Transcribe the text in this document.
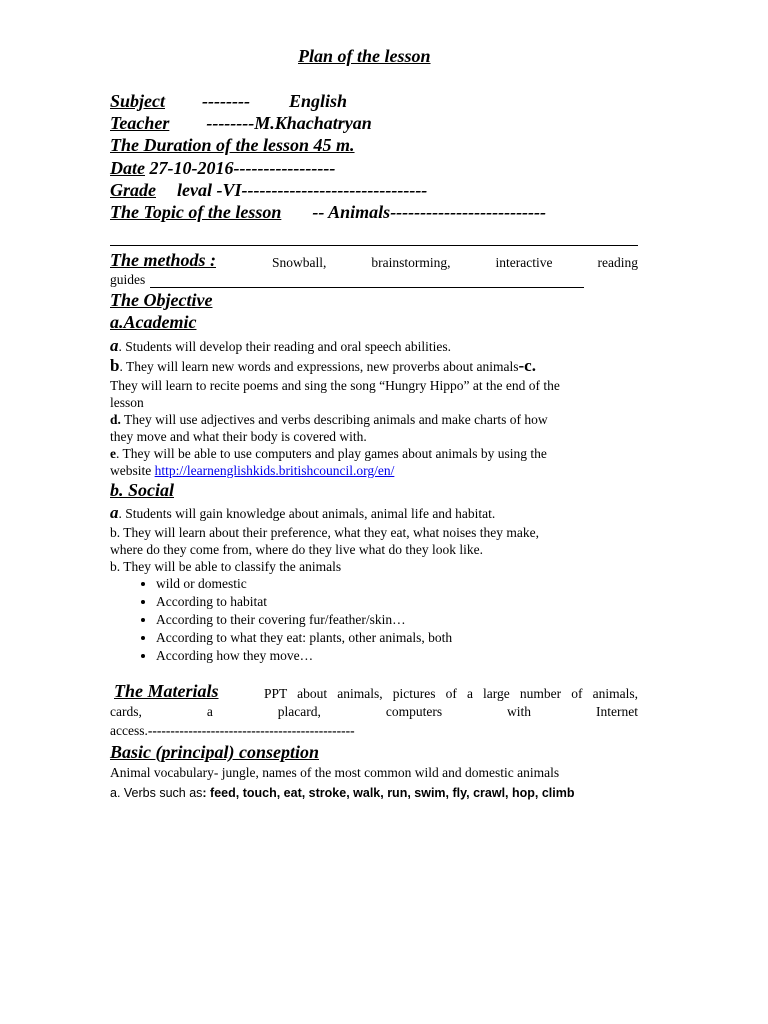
Plan of the lesson
Subject -------- English
Teacher --------M.Khachatryan
The Duration of the lesson 45 m.
Date 27-10-2016-----------------
Grade leval -VI-------------------------------
The Topic of the lesson -- Animals--------------------------
The methods :	Snowball, brainstorming, interactive reading
guides
The Objective
a.Academic
a. Students will develop their reading and oral speech abilities.
b. They will learn new words and expressions, new proverbs about animals-c.
They will learn to recite poems and sing the song “Hungry Hippo” at the end of the
lesson
d. They will use adjectives and verbs describing animals and make charts of how
they move and what their body is covered with.
e. They will be able to use computers and play games about animals by using the
website http://learnenglishkids.britishcouncil.org/en/
b. Social
a. Students will gain knowledge about animals, animal life and habitat.
b. They will learn about their preference, what they eat, what noises they make,
where do they come from, where do they live what do they look like.
b. They will be able to classify the animals
• wild or domestic
• According to habitat
• According to their covering fur/feather/skin…
• According to what they eat: plants, other animals, both
• According how they move…
The Materials	PPT about animals, pictures of a large number of animals,
cards, a placard, computers with Internet
access.----------------------------------------------
Basic (principal) conseption
Animal vocabulary- jungle, names of the most common wild and domestic animals
a. Verbs such as: feed, touch, eat, stroke, walk, run, swim, fly, crawl, hop, climb
